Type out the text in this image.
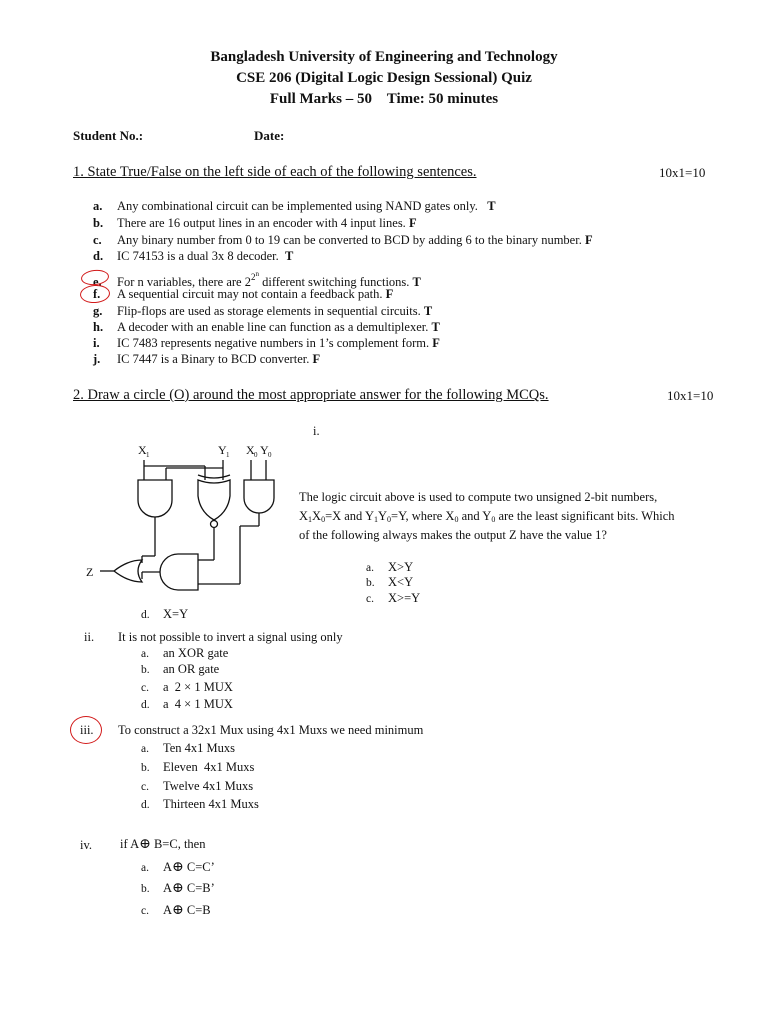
Bangladesh University of Engineering and Technology
CSE 206 (Digital Logic Design Sessional) Quiz
Full Marks – 50    Time: 50 minutes
Student No.:	Date:
1. State True/False on the left side of each of the following sentences.	10x1=10
a. Any combinational circuit can be implemented using NAND gates only. T
b. There are 16 output lines in an encoder with 4 input lines. F
c. Any binary number from 0 to 19 can be converted to BCD by adding 6 to the binary number. F
d. IC 74153 is a dual 3x 8 decoder. T
e. For n variables, there are $2^{2^n}$ different switching functions. T
f. A sequential circuit may not contain a feedback path. F
g. Flip-flops are used as storage elements in sequential circuits. T
h. A decoder with an enable line can function as a demultiplexer. T
i. IC 7483 represents negative numbers in 1’s complement form. F
j. IC 7447 is a Binary to BCD converter. F
2. Draw a circle (O) around the most appropriate answer for the following MCQs.	10x1=10
i.
X 1	Y 1 X 0 Y 0
Z
The logic circuit above is used to compute two unsigned 2-bit numbers,
$X_1X_0=X$ and $Y_1Y_0=Y$, where $X_0$ and $Y_0$ are the least significant bits. Which
of the following always makes the output Z have the value 1?
a. X>Y
b. X<Y
c. X>=Y
d. X=Y
ii. It is not possible to invert a signal using only
a. an XOR gate
b. an OR gate
c. a  2 × 1 MUX
d. a  4 × 1 MUX
iii. To construct a 32x1 Mux using 4x1 Muxs we need minimum
a. Ten 4x1 Muxs
b. Eleven  4x1 Muxs
c. Twelve 4x1 Muxs
d. Thirteen 4x1 Muxs
iv. if A⊕ B=C, then
a. A⊕ C=C’
b. A⊕ C=B’
c. A⊕ C=B
